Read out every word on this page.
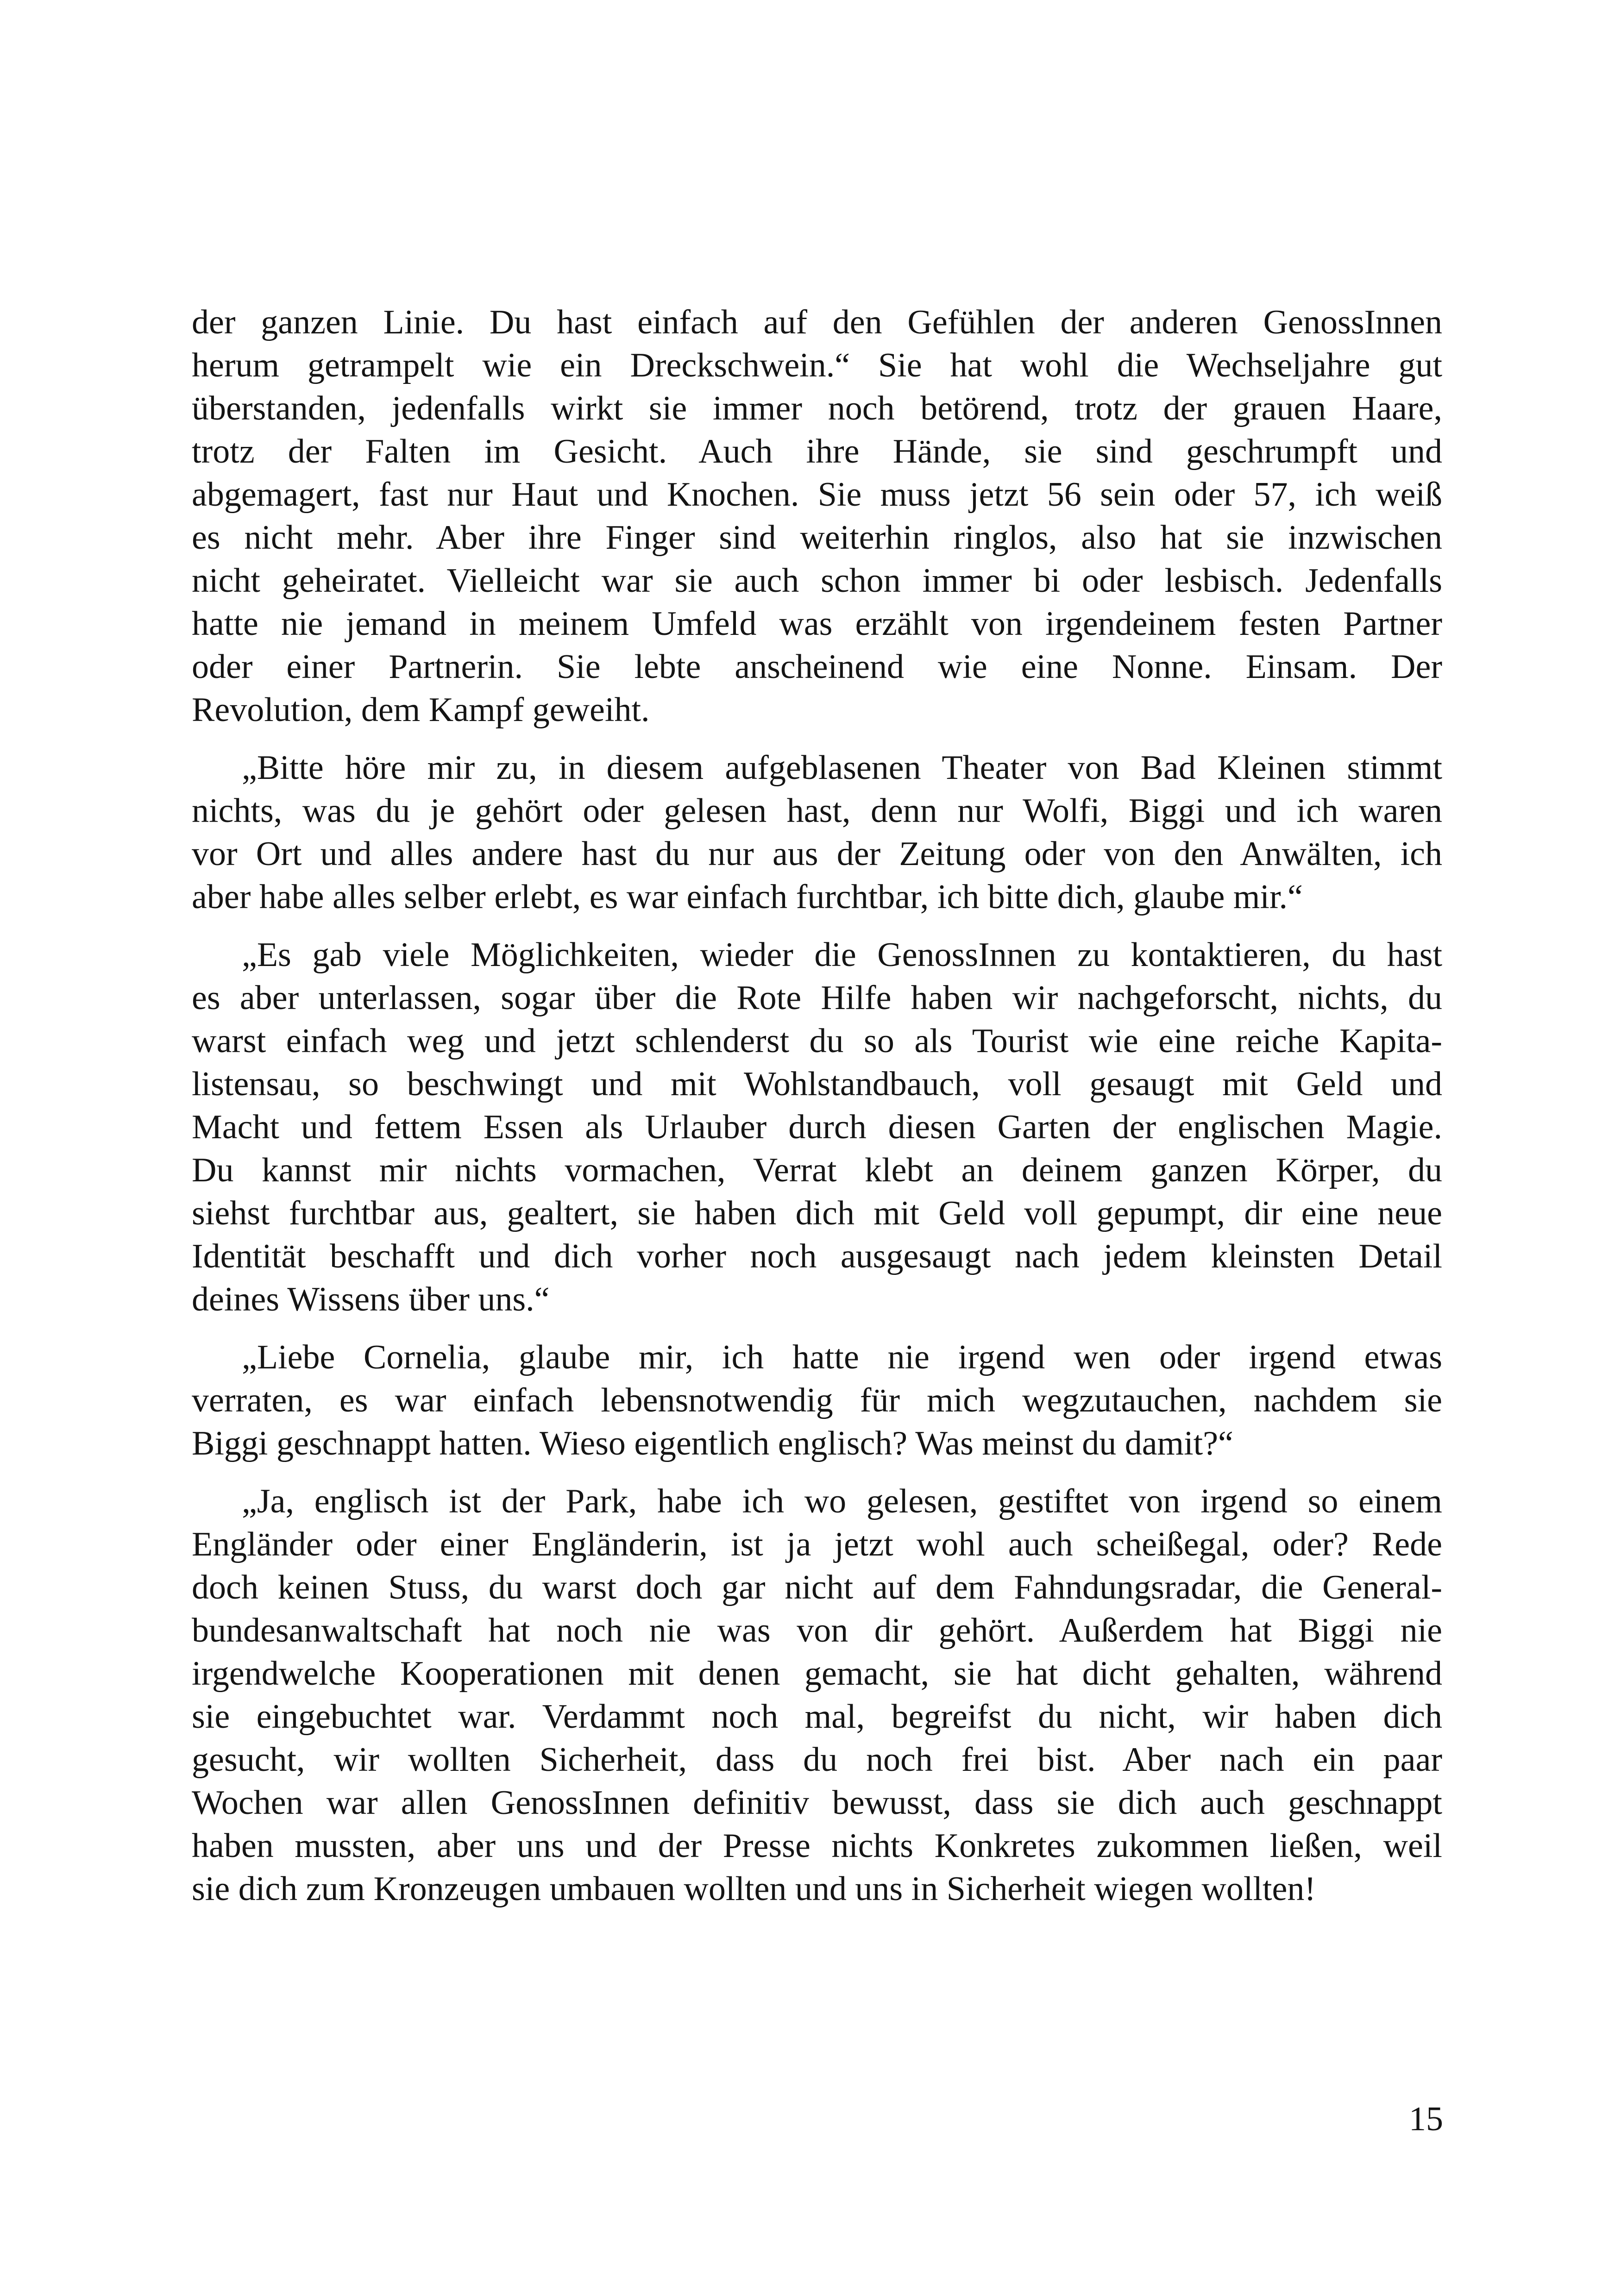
der ganzen Linie. Du hast einfach auf den Gefühlen der anderen GenossInnen
herum getrampelt wie ein Dreckschwein.“ Sie hat wohl die Wechseljahre gut
überstanden, jedenfalls wirkt sie immer noch betörend, trotz der grauen Haare,
trotz der Falten im Gesicht. Auch ihre Hände, sie sind geschrumpft und
abgemagert, fast nur Haut und Knochen. Sie muss jetzt 56 sein oder 57, ich weiß
es nicht mehr. Aber ihre Finger sind weiterhin ringlos, also hat sie inzwischen
nicht geheiratet. Vielleicht war sie auch schon immer bi oder lesbisch. Jedenfalls
hatte nie jemand in meinem Umfeld was erzählt von irgendeinem festen Partner
oder einer Partnerin. Sie lebte anscheinend wie eine Nonne. Einsam. Der
Revolution, dem Kampf geweiht.

„Bitte höre mir zu, in diesem aufgeblasenen Theater von Bad Kleinen stimmt
nichts, was du je gehört oder gelesen hast, denn nur Wolfi, Biggi und ich waren
vor Ort und alles andere hast du nur aus der Zeitung oder von den Anwälten, ich
aber habe alles selber erlebt, es war einfach furchtbar, ich bitte dich, glaube mir.“

„Es gab viele Möglichkeiten, wieder die GenossInnen zu kontaktieren, du hast
es aber unterlassen, sogar über die Rote Hilfe haben wir nachgeforscht, nichts, du
warst einfach weg und jetzt schlenderst du so als Tourist wie eine reiche Kapita-
listensau, so beschwingt und mit Wohlstandbauch, voll gesaugt mit Geld und
Macht und fettem Essen als Urlauber durch diesen Garten der englischen Magie.
Du kannst mir nichts vormachen, Verrat klebt an deinem ganzen Körper, du
siehst furchtbar aus, gealtert, sie haben dich mit Geld voll gepumpt, dir eine neue
Identität beschafft und dich vorher noch ausgesaugt nach jedem kleinsten Detail
deines Wissens über uns.“

„Liebe Cornelia, glaube mir, ich hatte nie irgend wen oder irgend etwas
verraten, es war einfach lebensnotwendig für mich wegzutauchen, nachdem sie
Biggi geschnappt hatten. Wieso eigentlich englisch? Was meinst du damit?“

„Ja, englisch ist der Park, habe ich wo gelesen, gestiftet von irgend so einem
Engländer oder einer Engländerin, ist ja jetzt wohl auch scheißegal, oder? Rede
doch keinen Stuss, du warst doch gar nicht auf dem Fahndungsradar, die General-
bundesanwaltschaft hat noch nie was von dir gehört. Außerdem hat Biggi nie
irgendwelche Kooperationen mit denen gemacht, sie hat dicht gehalten, während
sie eingebuchtet war. Verdammt noch mal, begreifst du nicht, wir haben dich
gesucht, wir wollten Sicherheit, dass du noch frei bist. Aber nach ein paar
Wochen war allen GenossInnen definitiv bewusst, dass sie dich auch geschnappt
haben mussten, aber uns und der Presse nichts Konkretes zukommen ließen, weil
sie dich zum Kronzeugen umbauen wollten und uns in Sicherheit wiegen wollten!

15
